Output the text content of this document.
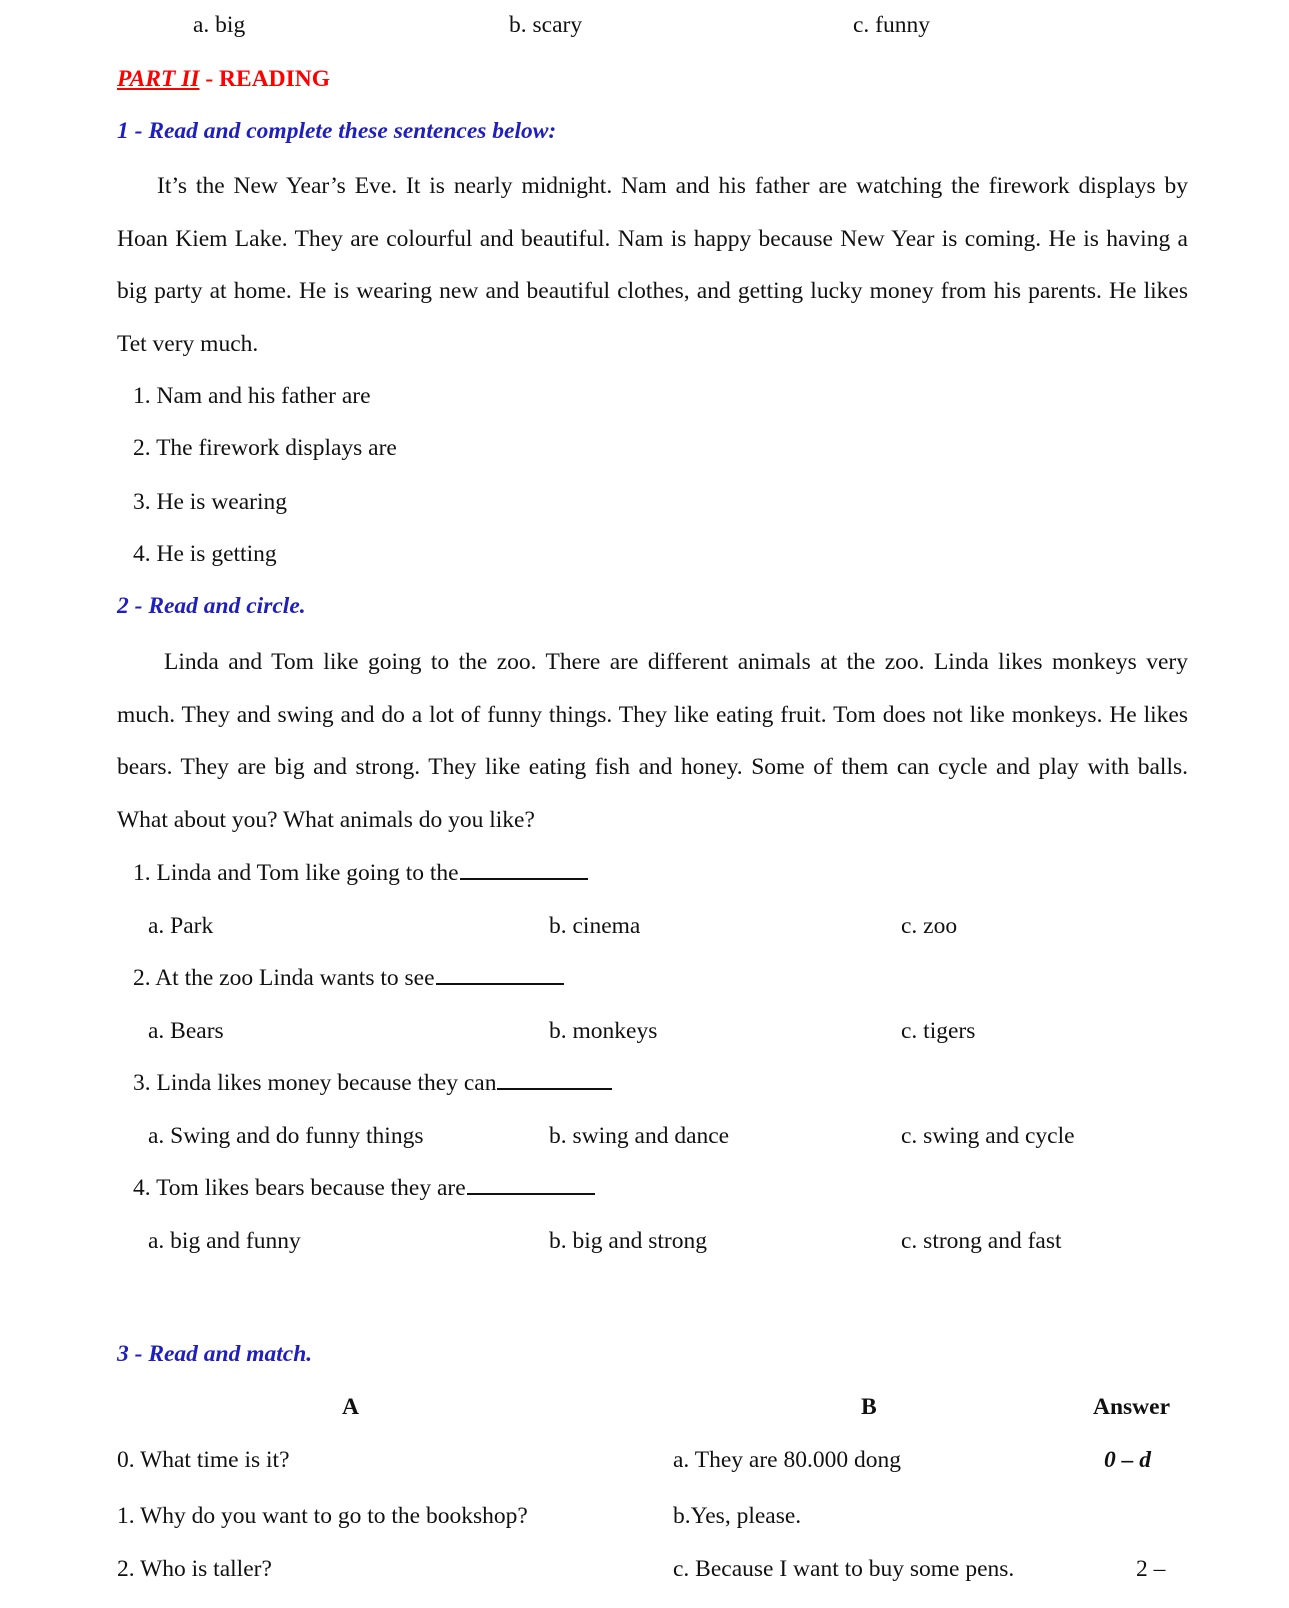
a. big	b. scary	c. funny
PART II - READING
1 - Read and complete these sentences below:

It’s the New Year’s Eve. It is nearly midnight. Nam and his father are watching the firework displays by Hoan Kiem Lake. They are colourful and beautiful. Nam is happy because New Year is coming. He is having a big party at home. He is wearing new and beautiful clothes, and getting lucky money from his parents. He likes Tet very much.

1. Nam and his father are
2. The firework displays are
3. He is wearing
4. He is getting
2 - Read and circle.

Linda and Tom like going to the zoo. There are different animals at the zoo. Linda likes monkeys very much. They and swing and do a lot of funny things. They like eating fruit. Tom does not like monkeys. He likes bears. They are big and strong. They like eating fish and honey. Some of them can cycle and play with balls. What about you? What animals do you like?

1. Linda and Tom like going to the
a. Park	b. cinema	c. zoo
2. At the zoo Linda wants to see
a. Bears	b. monkeys	c. tigers
3. Linda likes money because they can
a. Swing and do funny things	b. swing and dance	c. swing and cycle
4. Tom likes bears because they are
a. big and funny	b. big and strong	c. strong and fast
3 - Read and match.
A	B	Answer
0. What time is it?	a. They are 80.000 dong	0 – d
1. Why do you want to go to the bookshop?	b.Yes, please.
2. Who is taller?	c. Because I want to buy some pens.	2 –
